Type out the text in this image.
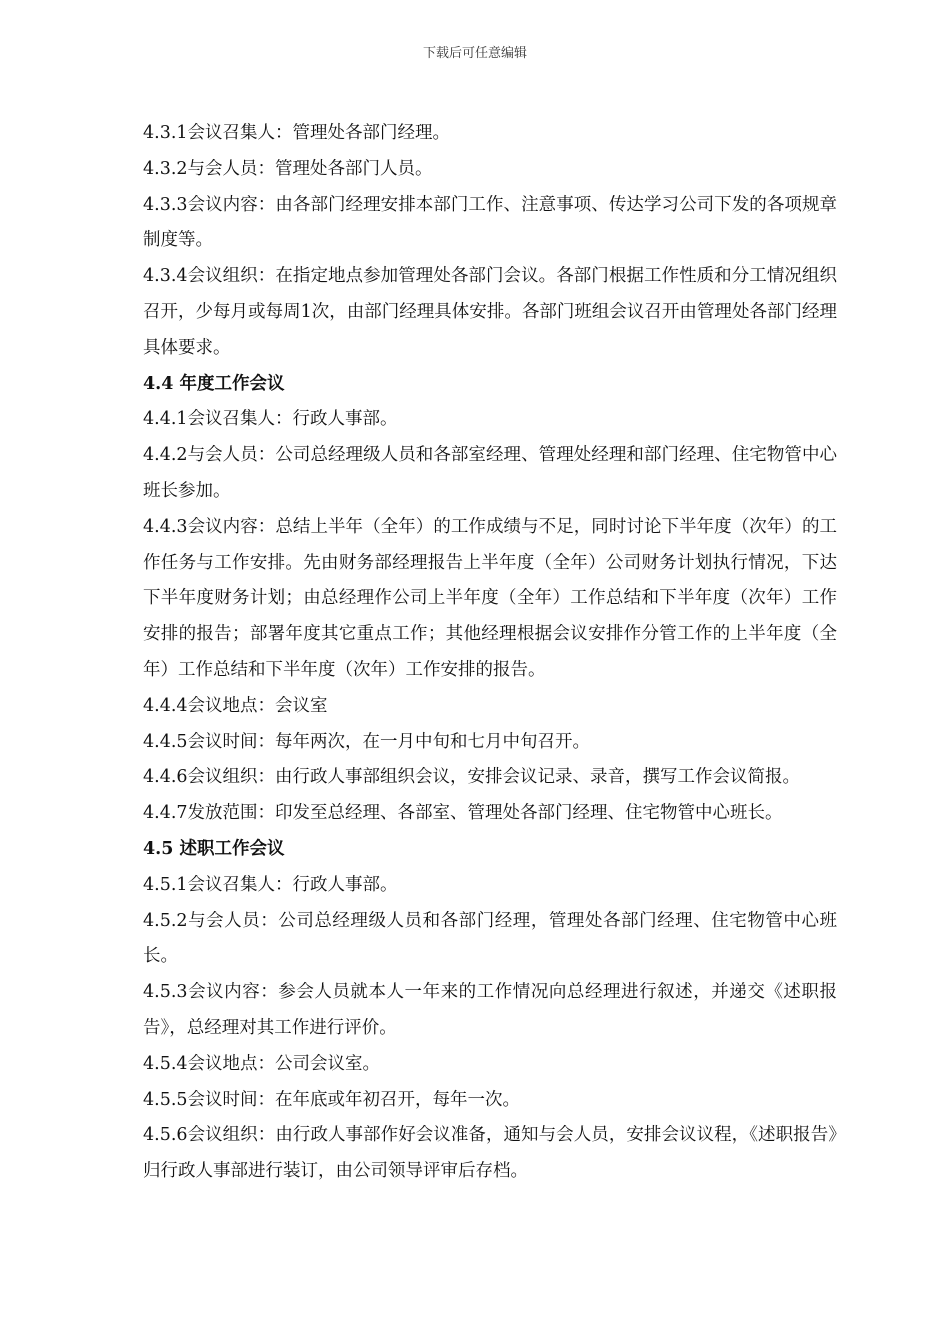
下载后可任意编辑

4.3.1会议召集人：管理处各部门经理。

4.3.2与会人员：管理处各部门人员。

4.3.3会议内容：由各部门经理安排本部门工作、注意事项、传达学习公司下发的各项规章制度等。

4.3.4会议组织：在指定地点参加管理处各部门会议。各部门根据工作性质和分工情况组织召开，少每月或每周1次，由部门经理具体安排。各部门班组会议召开由管理处各部门经理具体要求。

4.4 年度工作会议

4.4.1会议召集人：行政人事部。

4.4.2与会人员：公司总经理级人员和各部室经理、管理处经理和部门经理、住宅物管中心班长参加。

4.4.3会议内容：总结上半年（全年）的工作成绩与不足，同时讨论下半年度（次年）的工作任务与工作安排。先由财务部经理报告上半年度（全年）公司财务计划执行情况，下达下半年度财务计划；由总经理作公司上半年度（全年）工作总结和下半年度（次年）工作安排的报告；部署年度其它重点工作；其他经理根据会议安排作分管工作的上半年度（全年）工作总结和下半年度（次年）工作安排的报告。

4.4.4会议地点：会议室

4.4.5会议时间：每年两次，在一月中旬和七月中旬召开。

4.4.6会议组织：由行政人事部组织会议，安排会议记录、录音，撰写工作会议简报。

4.4.7发放范围：印发至总经理、各部室、管理处各部门经理、住宅物管中心班长。

4.5 述职工作会议

4.5.1会议召集人：行政人事部。

4.5.2与会人员：公司总经理级人员和各部门经理，管理处各部门经理、住宅物管中心班长。

4.5.3会议内容：参会人员就本人一年来的工作情况向总经理进行叙述，并递交《述职报告》，总经理对其工作进行评价。

4.5.4会议地点：公司会议室。

4.5.5会议时间：在年底或年初召开，每年一次。

4.5.6会议组织：由行政人事部作好会议准备，通知与会人员，安排会议议程，《述职报告》归行政人事部进行装订，由公司领导评审后存档。
